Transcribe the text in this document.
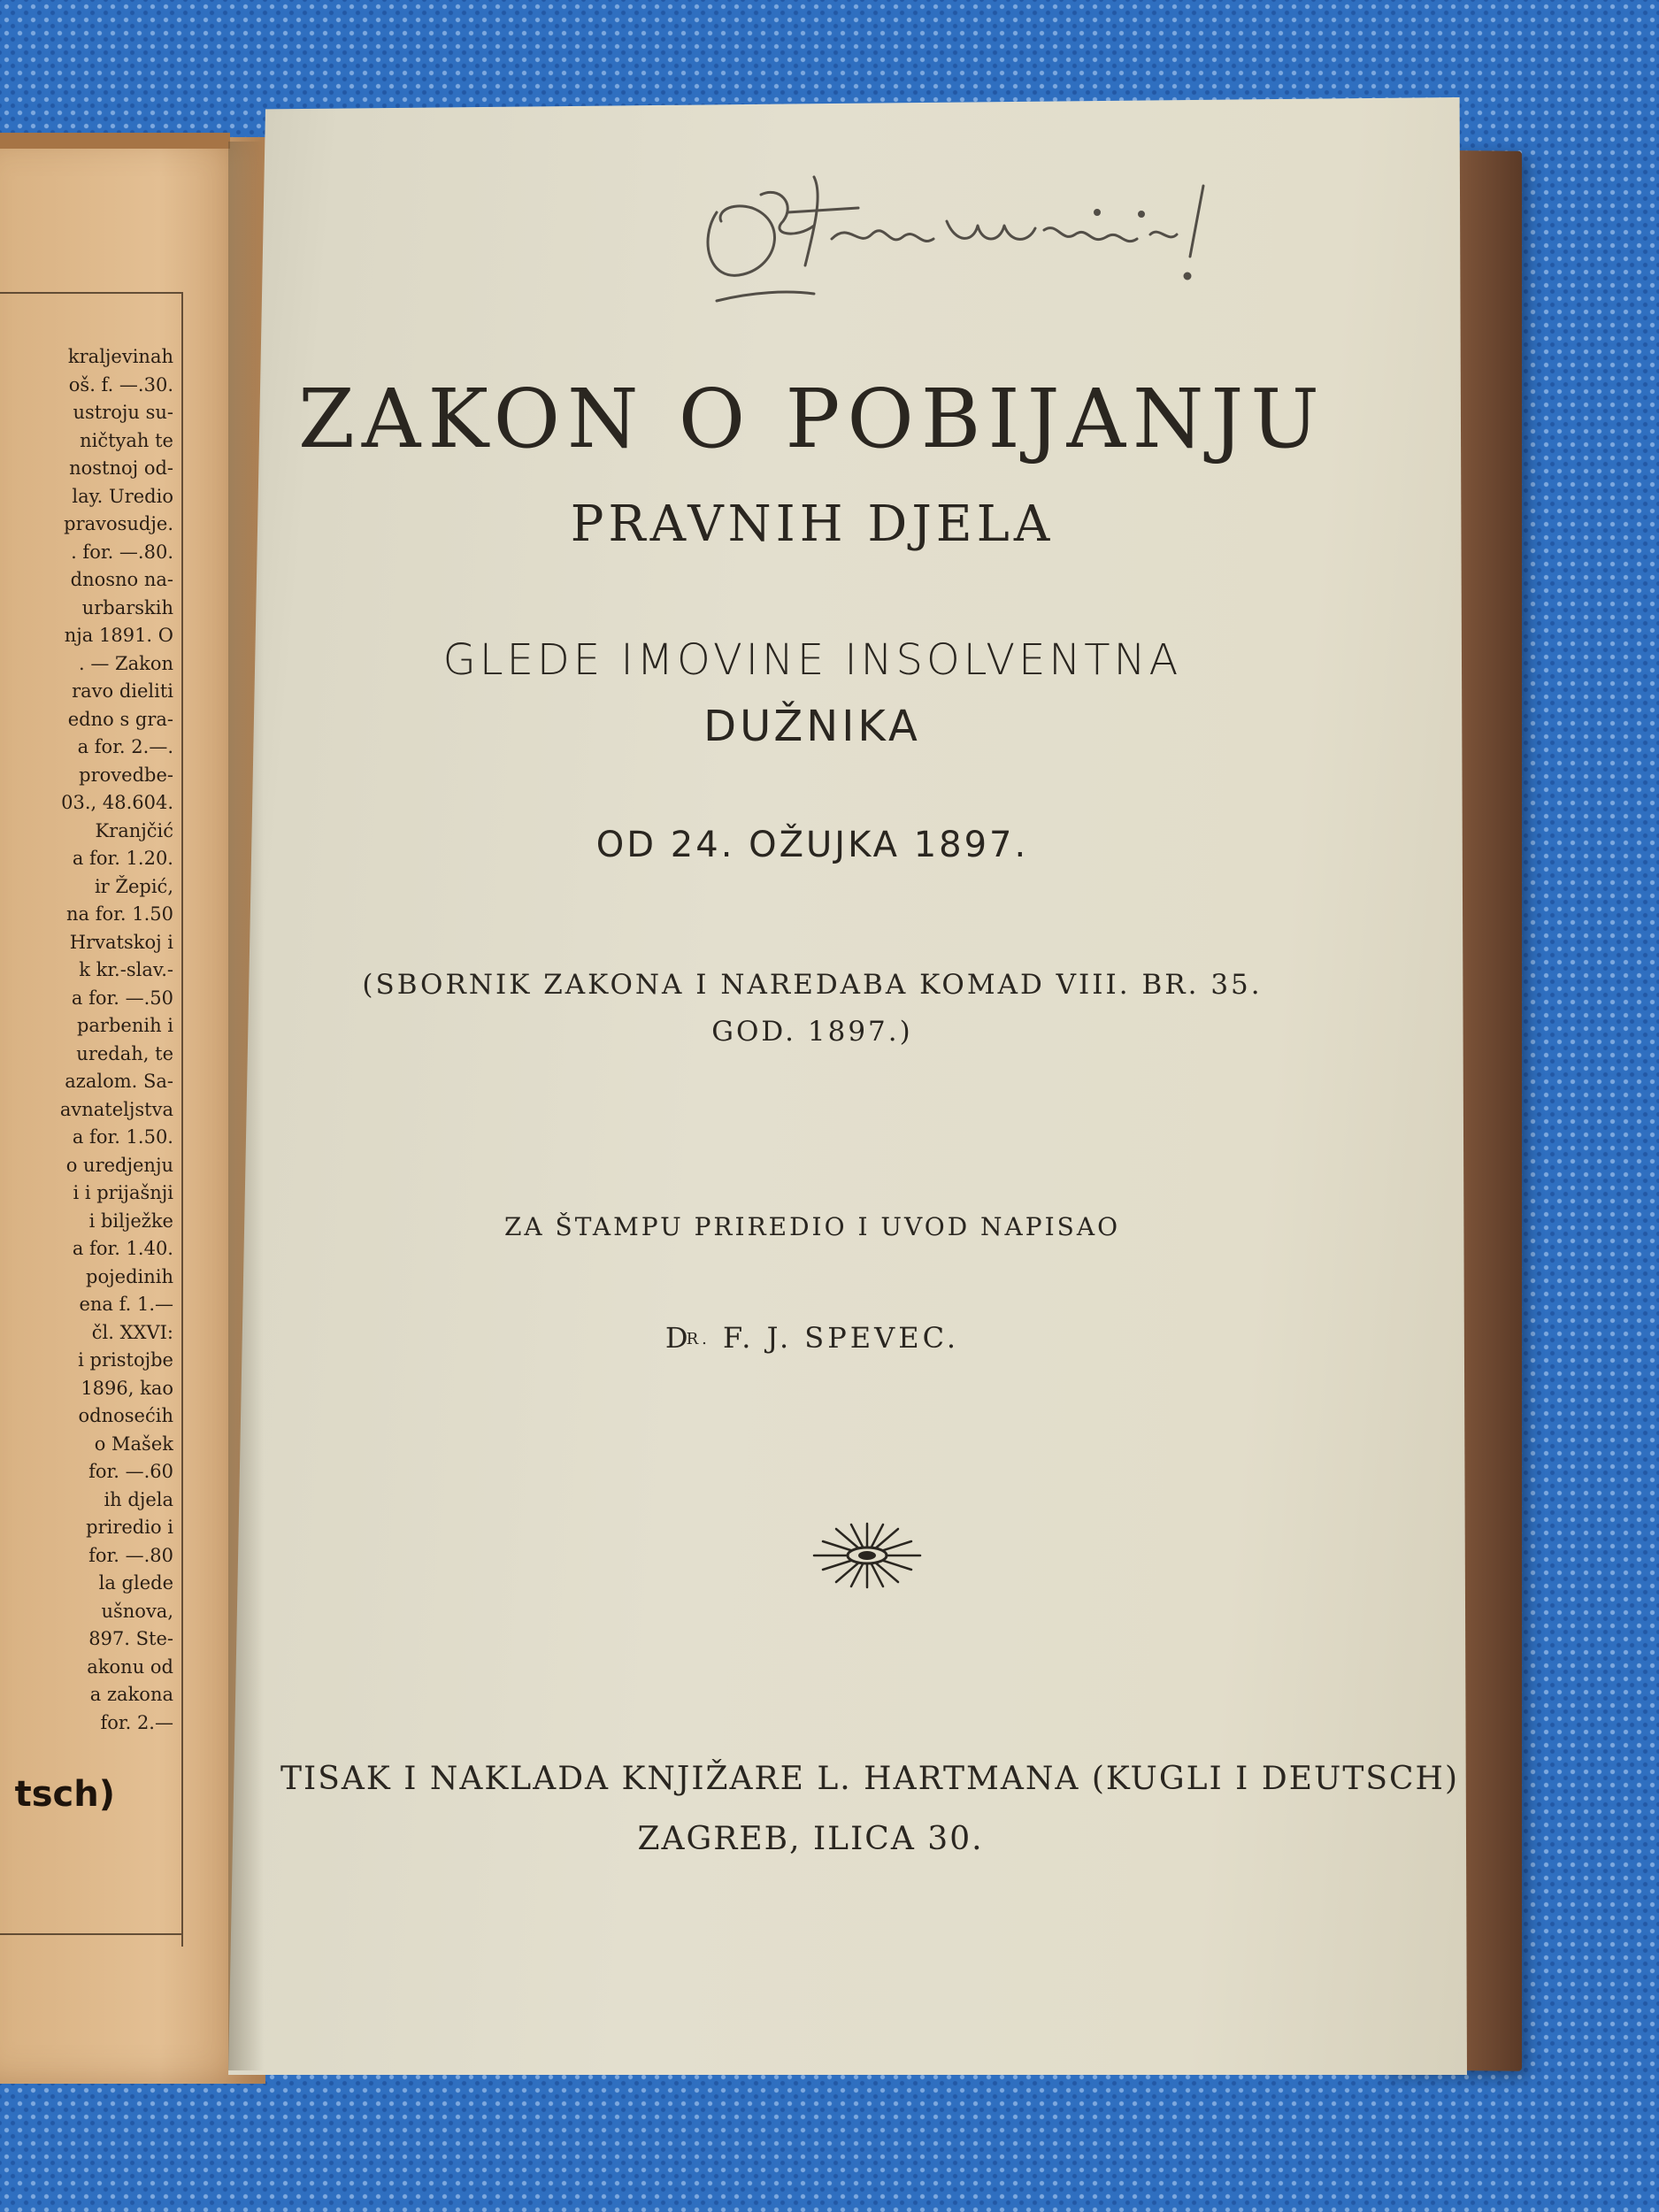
kraljevinah
oš. f. —.30.
ustroju su-
ničtyah te
nostnoj od-
lay. Uredio
pravosudje.
. for. —.80.
dnosno na-
urbarskih
nja 1891. O
. — Zakon
ravo dieliti
edno s gra-
a for. 2.—.
provedbe-
03., 48.604.
Kranjčić
a for. 1.20.
ir Žepić,
na for. 1.50
Hrvatskoj i
k kr.-slav.-
a for. —.50
parbenih i
uredah, te
azalom. Sa-
avnateljstva
a for. 1.50.
o uredjenju
i i prijašnji
i bilježke
a for. 1.40.
pojedinih
ena f. 1.—
čl. XXVI:
i pristojbe
1896, kao
odnosećih
o Mašek
for. —.60
ih djela
priredio i
for. —.80
la glede
ušnova,
897. Ste-
akonu od
a zakona
for. 2.—
tsch)
ZAKON O POBIJANJU
PRAVNIH DJELA
GLEDE IMOVINE INSOLVENTNA
DUŽNIKA
OD 24. OŽUJKA 1897.
(SBORNIK ZAKONA I NAREDABA KOMAD VIII. BR. 35.
GOD. 1897.)
ZA ŠTAMPU PRIREDIO I UVOD NAPISAO
$D^{R.}$ F. J. SPEVEC.
TISAK I NAKLADA KNJIŽARE L. HARTMANA (KUGLI I DEUTSCH)
ZAGREB, ILICA 30.
